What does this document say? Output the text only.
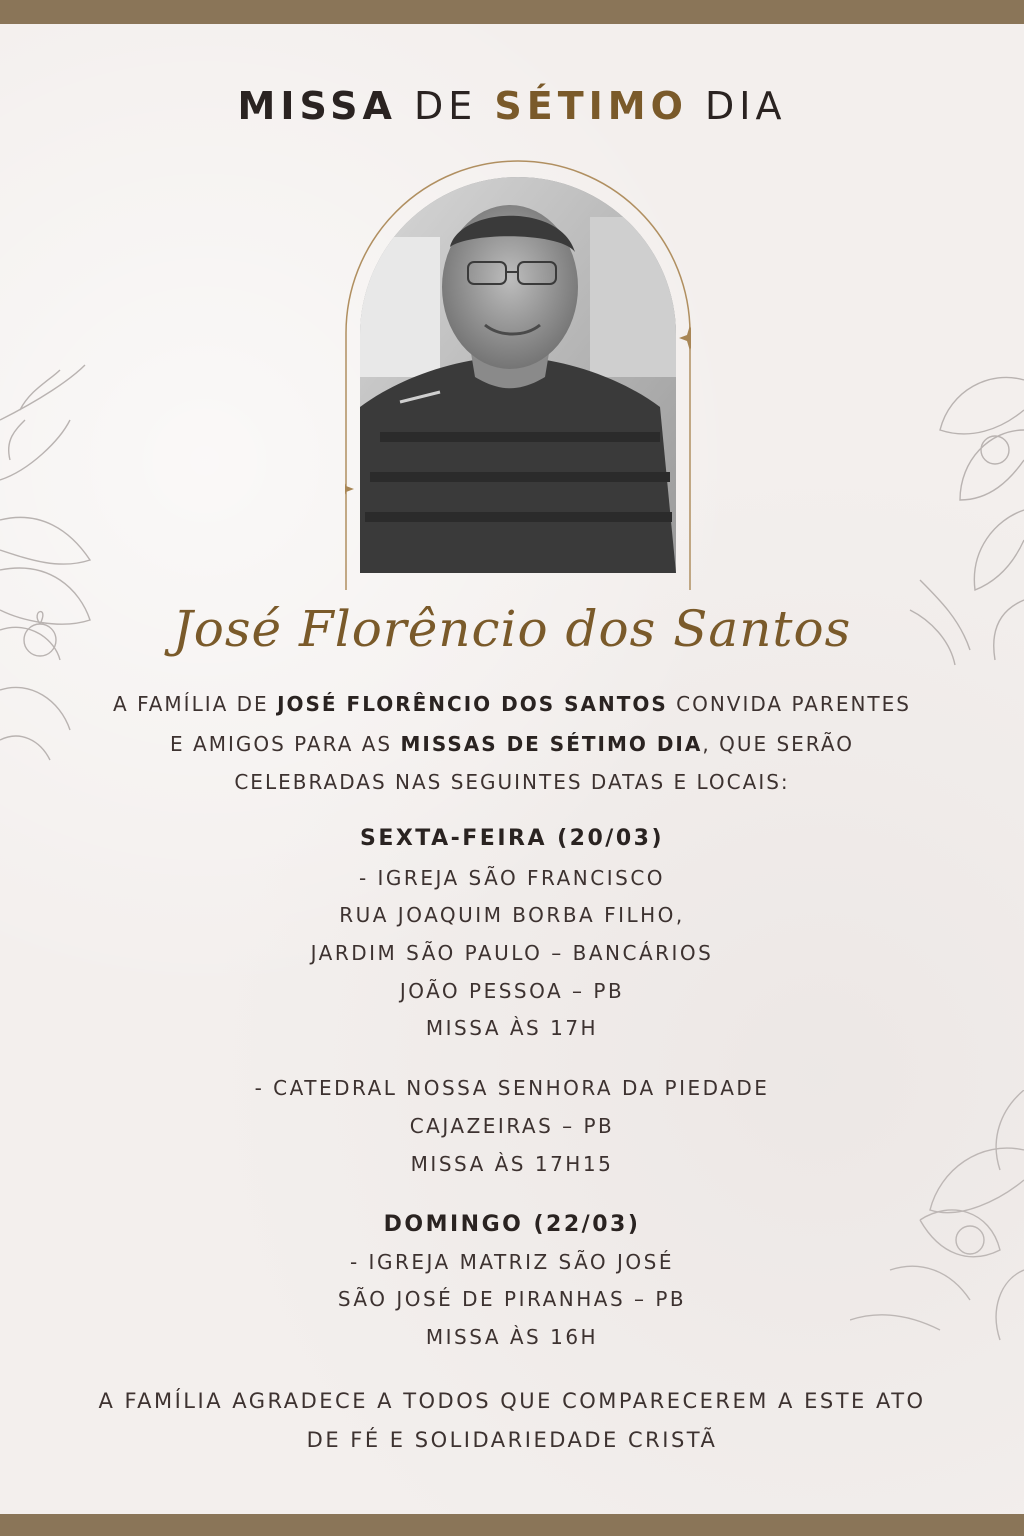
MISSA DE SÉTIMO DIA
José Florêncio dos Santos
A FAMÍLIA DE JOSÉ FLORÊNCIO DOS SANTOS CONVIDA PARENTES
E AMIGOS PARA AS MISSAS DE SÉTIMO DIA, QUE SERÃO
CELEBRADAS NAS SEGUINTES DATAS E LOCAIS:
SEXTA-FEIRA (20/03)
- IGREJA SÃO FRANCISCO
RUA JOAQUIM BORBA FILHO,
JARDIM SÃO PAULO – BANCÁRIOS
JOÃO PESSOA – PB
MISSA ÀS 17H
- CATEDRAL NOSSA SENHORA DA PIEDADE
CAJAZEIRAS – PB
MISSA ÀS 17H15
DOMINGO (22/03)
- IGREJA MATRIZ SÃO JOSÉ
SÃO JOSÉ DE PIRANHAS – PB
MISSA ÀS 16H
A FAMÍLIA AGRADECE A TODOS QUE COMPARECEREM A ESTE ATO
DE FÉ E SOLIDARIEDADE CRISTÃ
